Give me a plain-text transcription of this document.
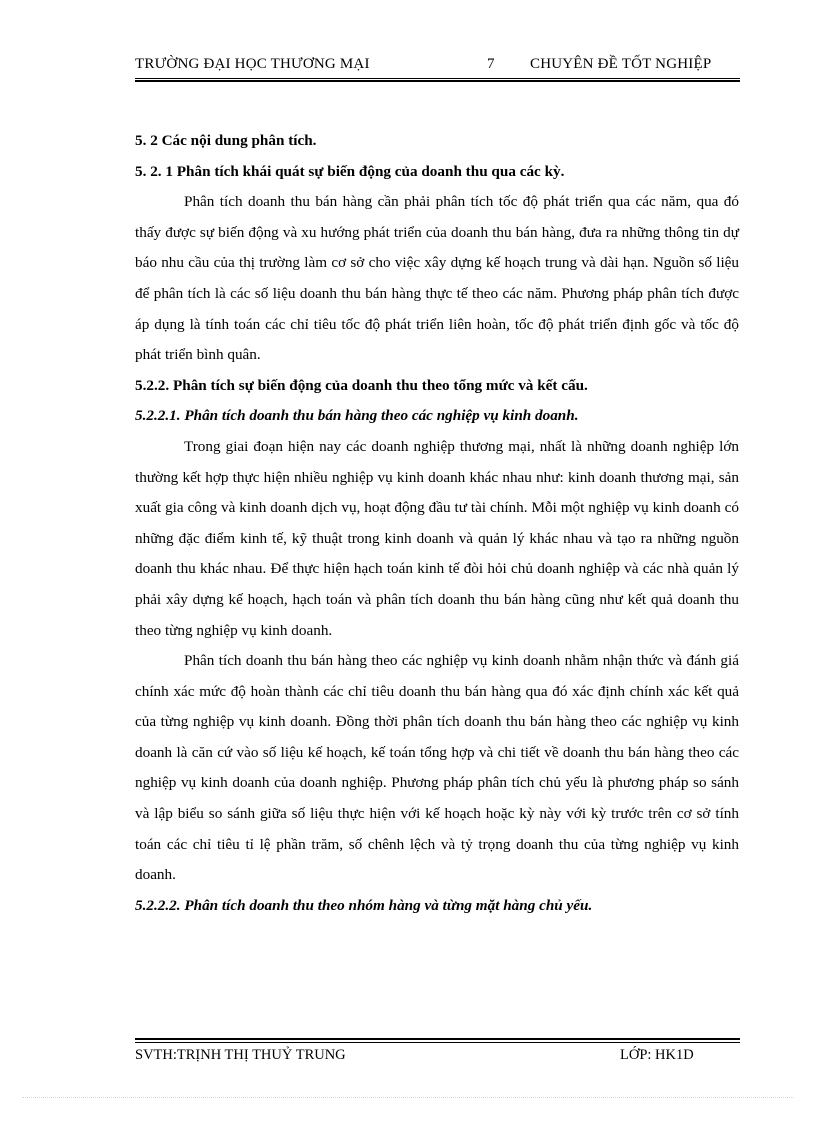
TRƯỜNG ĐẠI HỌC THƯƠNG MẠI	7 CHUYÊN ĐỀ TỐT NGHIỆP

5. 2 Các nội dung phân tích.

5. 2. 1 Phân tích khái quát sự biến động của doanh thu qua các kỳ.

Phân tích doanh thu bán hàng cần phải phân tích tốc độ phát triển qua các năm, qua đó thấy được sự biến động và xu hướng phát triển của doanh thu bán hàng, đưa ra những thông tin dự báo nhu cầu của thị trường làm cơ sở cho việc xây dựng kế hoạch trung và dài hạn. Nguồn số liệu để phân tích là các số liệu doanh thu bán hàng thực tế theo các năm. Phương pháp phân tích được áp dụng là tính toán các chỉ tiêu tốc độ phát triển liên hoàn, tốc độ phát triển định gốc và tốc độ phát triển bình quân.

5.2.2. Phân tích sự biến động của doanh thu theo tổng mức và kết cấu.

5.2.2.1. Phân tích doanh thu bán hàng theo các nghiệp vụ kinh doanh.

Trong giai đoạn hiện nay các doanh nghiệp thương mại, nhất là những doanh nghiệp lớn thường kết hợp thực hiện nhiều nghiệp vụ kinh doanh khác nhau như: kinh doanh thương mại, sản xuất gia công và kinh doanh dịch vụ, hoạt động đầu tư tài chính. Mỗi một nghiệp vụ kinh doanh có những đặc điểm kinh tế, kỹ thuật trong kinh doanh và quản lý khác nhau và tạo ra những nguồn doanh thu khác nhau. Để thực hiện hạch toán kinh tế đòi hỏi chủ doanh nghiệp và các nhà quản lý phải xây dựng kế hoạch, hạch toán và phân tích doanh thu bán hàng cũng như kết quả doanh thu theo từng nghiệp vụ kinh doanh.

Phân tích doanh thu bán hàng theo các nghiệp vụ kinh doanh nhằm nhận thức và đánh giá chính xác mức độ hoàn thành các chỉ tiêu doanh thu bán hàng qua đó xác định chính xác kết quả của từng nghiệp vụ kinh doanh. Đồng thời phân tích doanh thu bán hàng theo các nghiệp vụ kinh doanh là căn cứ vào số liệu kế hoạch, kế toán tổng hợp và chi tiết về doanh thu bán hàng theo các nghiệp vụ kinh doanh của doanh nghiệp. Phương pháp phân tích chủ yếu là phương pháp so sánh và lập biểu so sánh giữa số liệu thực hiện với kế hoạch hoặc kỳ này với kỳ trước trên cơ sở tính toán các chỉ tiêu tỉ lệ phần trăm, số chênh lệch và tỷ trọng doanh thu của từng nghiệp vụ kinh doanh.

5.2.2.2. Phân tích doanh thu theo nhóm hàng và từng mặt hàng chủ yếu.

SVTH:TRỊNH THỊ THUỶ TRUNG	LỚP: HK1D
